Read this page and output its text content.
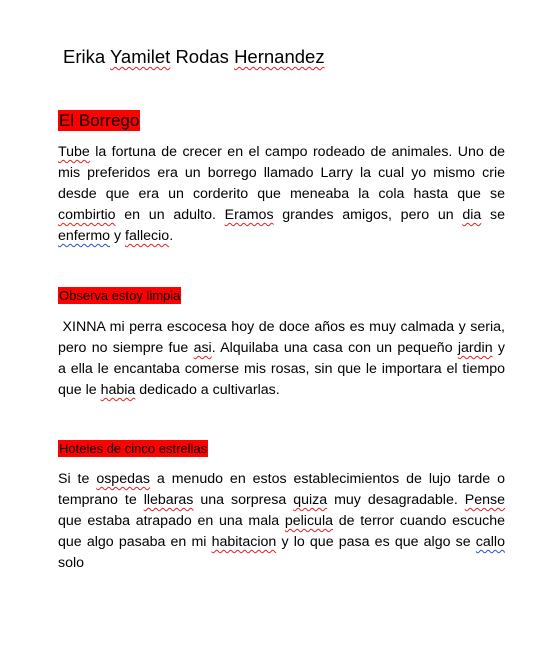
Erika Yamilet Rodas Hernandez
El Borrego
Tube la fortuna de crecer en el campo rodeado de animales. Uno de
mis preferidos era un borrego llamado Larry la cual yo mismo crie
desde que era un corderito que meneaba la cola hasta que se
combirtio en un adulto. Eramos grandes amigos, pero un dia se
enfermo y fallecio.
Observa estoy limpia
XINNA mi perra escocesa hoy de doce años es muy calmada y seria,
pero no siempre fue asi. Alquilaba una casa con un pequeño jardin y
a ella le encantaba comerse mis rosas, sin que le importara el tiempo
que le habia dedicado a cultivarlas.
Hoteles de cinco estrellas
Si te ospedas a menudo en estos establecimientos de lujo tarde o
temprano te llebaras una sorpresa quiza muy desagradable. Pense
que estaba atrapado en una mala pelicula de terror cuando escuche
que algo pasaba en mi habitacion y lo que pasa es que algo se callo
solo
